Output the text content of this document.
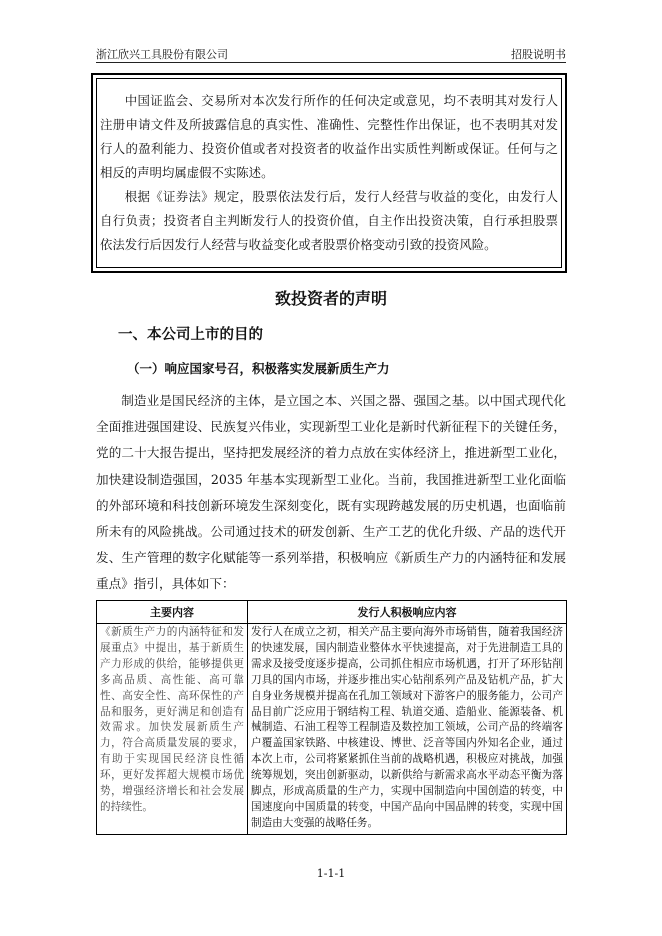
浙江欣兴工具股份有限公司	招股说明书

中国证监会、交易所对本次发行所作的任何决定或意见，均不表明其对发行人注册申请文件及所披露信息的真实性、准确性、完整性作出保证，也不表明其对发行人的盈利能力、投资价值或者对投资者的收益作出实质性判断或保证。任何与之相反的声明均属虚假不实陈述。

根据《证券法》规定，股票依法发行后，发行人经营与收益的变化，由发行人自行负责；投资者自主判断发行人的投资价值，自主作出投资决策，自行承担股票依法发行后因发行人经营与收益变化或者股票价格变动引致的投资风险。

致投资者的声明
一、本公司上市的目的
（一）响应国家号召，积极落实发展新质生产力

制造业是国民经济的主体，是立国之本、兴国之器、强国之基。以中国式现代化全面推进强国建设、民族复兴伟业，实现新型工业化是新时代新征程下的关键任务，党的二十大报告提出，坚持把发展经济的着力点放在实体经济上，推进新型工业化，加快建设制造强国，2035 年基本实现新型工业化。当前，我国推进新型工业化面临的外部环境和科技创新环境发生深刻变化，既有实现跨越发展的历史机遇，也面临前所未有的风险挑战。公司通过技术的研发创新、生产工艺的优化升级、产品的迭代开发、生产管理的数字化赋能等一系列举措，积极响应《新质生产力的内涵特征和发展重点》指引，具体如下：

主要内容	发行人积极响应内容
《新质生产力的内涵特征和发展重点》中提出，基于新质生产力形成的供给，能够提供更多高品质、高性能、高可靠性、高安全性、高环保性的产品和服务，更好满足和创造有效需求。加快发展新质生产力，符合高质量发展的要求，有助于实现国民经济良性循环，更好发挥超大规模市场优势，增强经济增长和社会发展的持续性。	发行人在成立之初，相关产品主要向海外市场销售，随着我国经济的快速发展，国内制造业整体水平快速提高，对于先进制造工具的需求及接受度逐步提高，公司抓住相应市场机遇，打开了环形钻削刀具的国内市场，并逐步推出实心钻削系列产品及钻机产品，扩大自身业务规模并提高在孔加工领域对下游客户的服务能力，公司产品目前广泛应用于钢结构工程、轨道交通、造船业、能源装备、机械制造、石油工程等工程制造及数控加工领域，公司产品的终端客户覆盖国家铁路、中核建设、博世、泛音等国内外知名企业，通过本次上市，公司将紧紧抓住当前的战略机遇，积极应对挑战，加强统筹规划，突出创新驱动，以新供给与新需求高水平动态平衡为落脚点，形成高质量的生产力，实现中国制造向中国创造的转变，中国速度向中国质量的转变，中国产品向中国品牌的转变，实现中国制造由大变强的战略任务。
1-1-1
